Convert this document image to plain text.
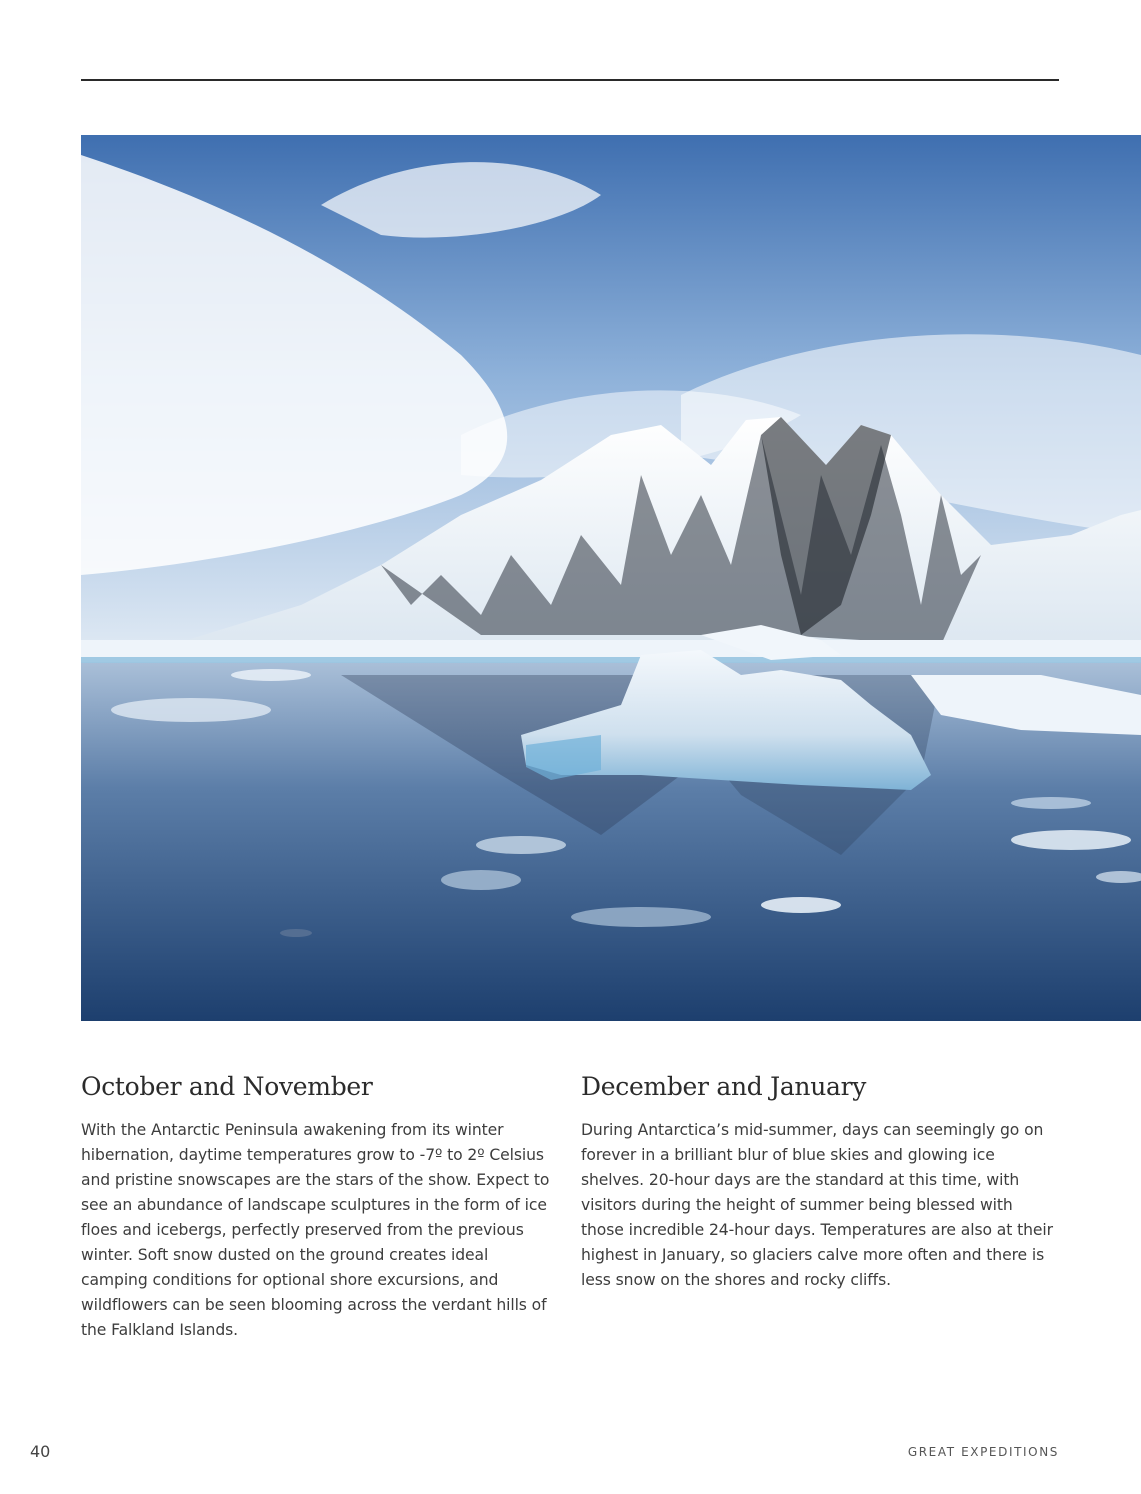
October and November

With the Antarctic Peninsula awakening from its winter hibernation, daytime temperatures grow to -7º to 2º Celsius and pristine snowscapes are the stars of the show. Expect to see an abundance of landscape sculptures in the form of ice floes and icebergs, perfectly preserved from the previous winter. Soft snow dusted on the ground creates ideal camping conditions for optional shore excursions, and wildflowers can be seen blooming across the verdant hills of the Falkland Islands.

December and January

During Antarctica’s mid-summer, days can seemingly go on forever in a brilliant blur of blue skies and glowing ice shelves. 20-hour days are the standard at this time, with visitors during the height of summer being blessed with those incredible 24-hour days. Temperatures are also at their highest in January, so glaciers calve more often and there is less snow on the shores and rocky cliffs.

40	GREAT EXPEDITIONS
